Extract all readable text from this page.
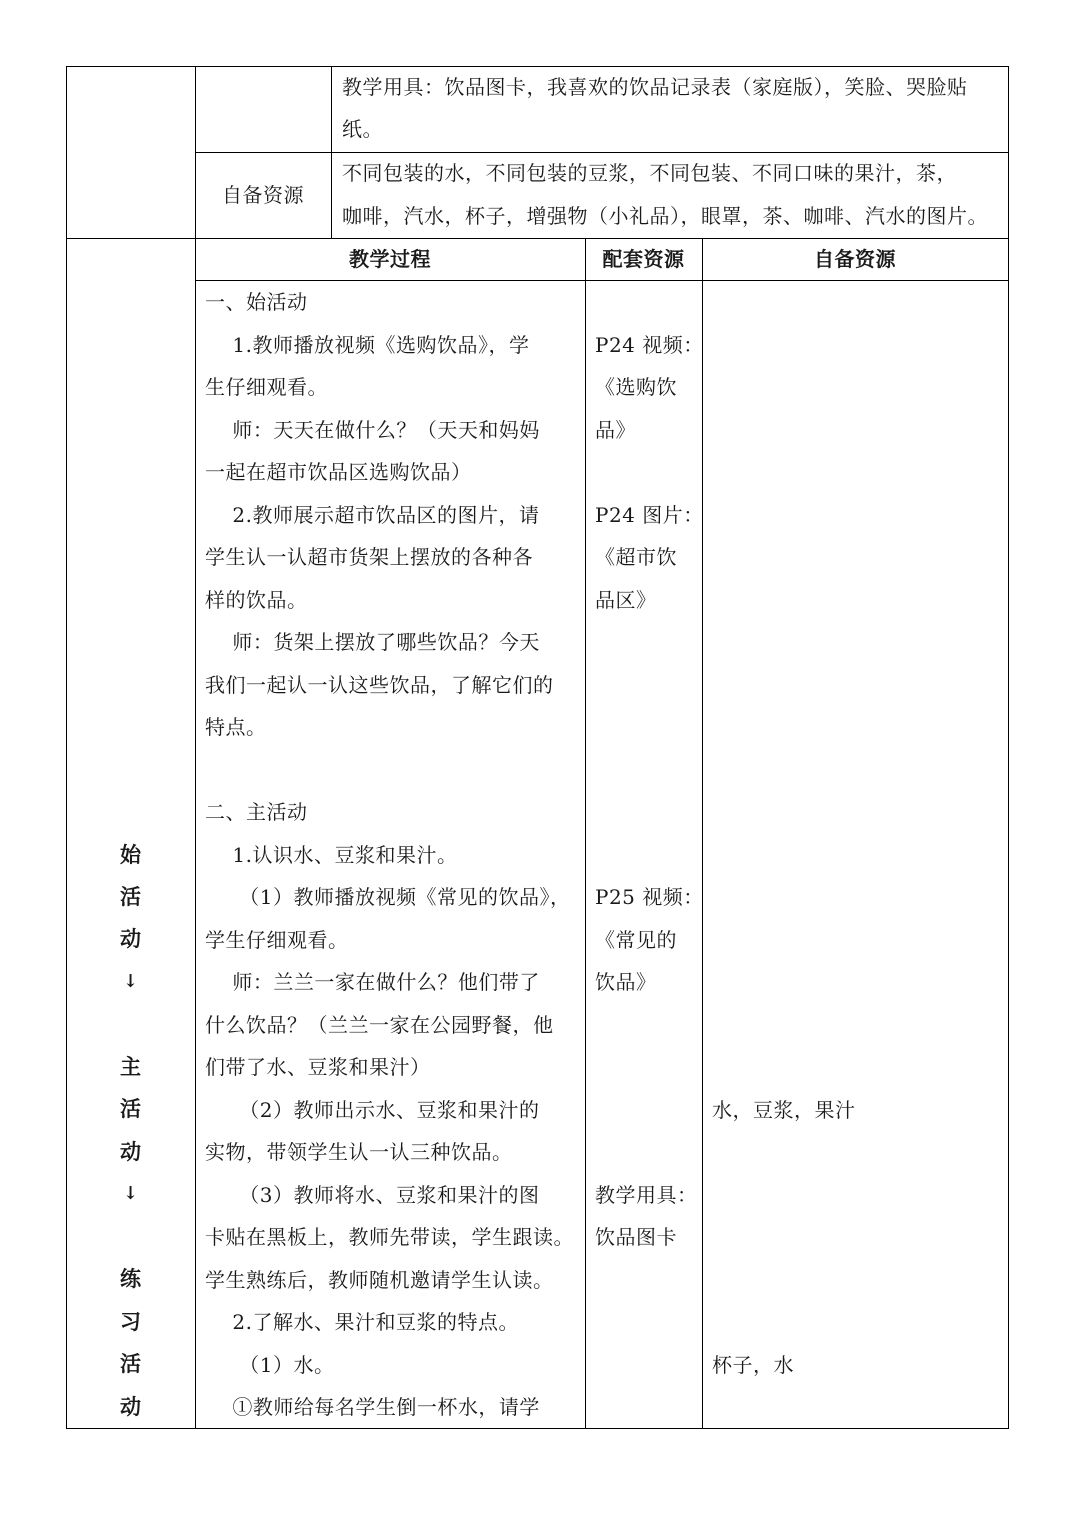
教学用具：饮品图卡，我喜欢的饮品记录表（家庭版），笑脸、哭脸贴
纸。
自备资源
不同包装的水，不同包装的豆浆，不同包装、不同口味的果汁，茶，
咖啡，汽水，杯子，增强物（小礼品），眼罩，茶、咖啡、汽水的图片。
教学过程	配套资源	自备资源
始
活
动
↓
主
活
动
↓
练
习
活
动
一、始活动
1.教师播放视频《选购饮品》，学
生仔细观看。
师：天天在做什么？（天天和妈妈
一起在超市饮品区选购饮品）
2.教师展示超市饮品区的图片，请
学生认一认超市货架上摆放的各种各
样的饮品。
师：货架上摆放了哪些饮品？今天
我们一起认一认这些饮品，了解它们的
特点。
二、主活动
1.认识水、豆浆和果汁。
（1）教师播放视频《常见的饮品》，
学生仔细观看。
师：兰兰一家在做什么？他们带了
什么饮品？（兰兰一家在公园野餐，他
们带了水、豆浆和果汁）
（2）教师出示水、豆浆和果汁的
实物，带领学生认一认三种饮品。
（3）教师将水、豆浆和果汁的图
卡贴在黑板上，教师先带读，学生跟读。
学生熟练后，教师随机邀请学生认读。
2.了解水、果汁和豆浆的特点。
（1）水。
①教师给每名学生倒一杯水，请学
P24 视频：
《选购饮
品》
P24 图片：
《超市饮
品区》
P25 视频：
《常见的
饮品》
教学用具：
饮品图卡
水，豆浆，果汁
杯子，水
